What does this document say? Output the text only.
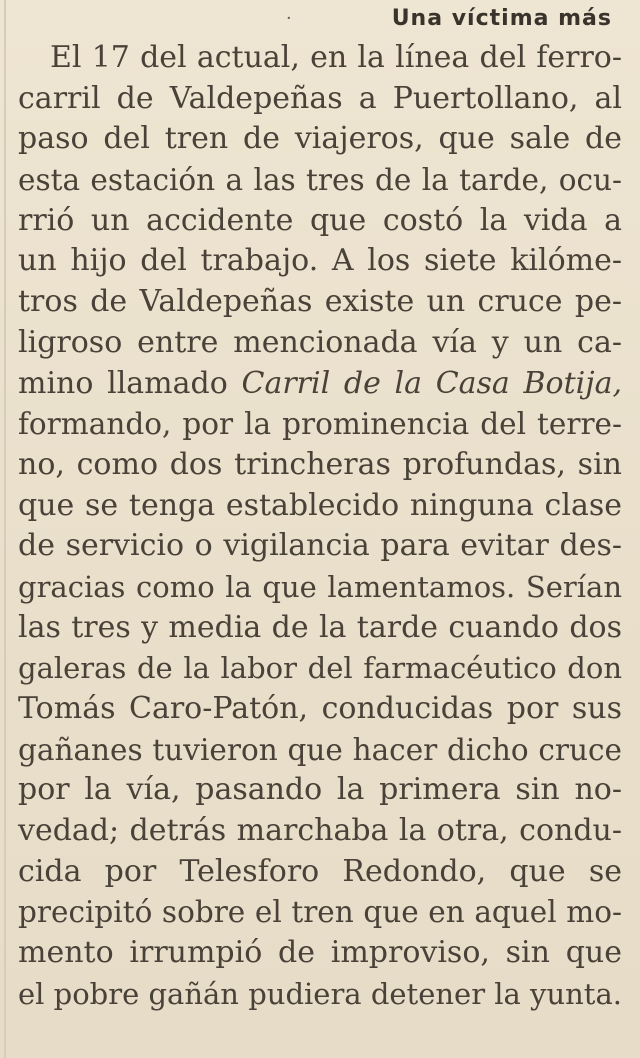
·	Una víctima más
El 17 del actual, en la línea del ferro-
carril de Valdepeñas a Puertollano, al
paso del tren de viajeros, que sale de
esta estación a las tres de la tarde, ocu-
rrió un accidente que costó la vida a
un hijo del trabajo. A los siete kilóme-
tros de Valdepeñas existe un cruce pe-
ligroso entre mencionada vía y un ca-
mino llamado Carril de la Casa Botija,
formando, por la prominencia del terre-
no, como dos trincheras profundas, sin
que se tenga establecido ninguna clase
de servicio o vigilancia para evitar des-
gracias como la que lamentamos. Serían
las tres y media de la tarde cuando dos
galeras de la labor del farmacéutico don
Tomás Caro-Patón, conducidas por sus
gañanes tuvieron que hacer dicho cruce
por la vía, pasando la primera sin no-
vedad; detrás marchaba la otra, condu-
cida por Telesforo Redondo, que se
precipitó sobre el tren que en aquel mo-
mento irrumpió de improviso, sin que
el pobre gañán pudiera detener la yunta.
